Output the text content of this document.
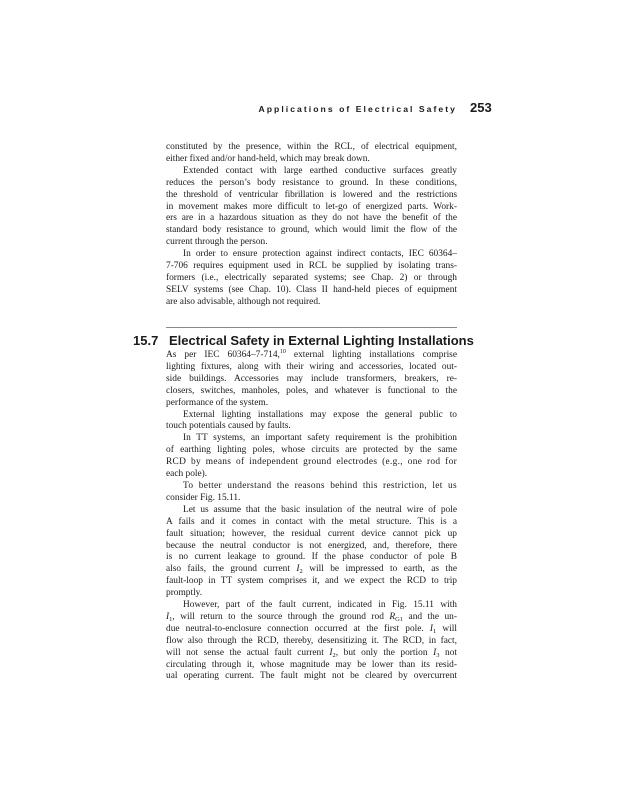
Applications of Electrical Safety 253

constituted by the presence, within the RCL, of electrical equipment,
either fixed and/or hand-held, which may break down.

Extended contact with large earthed conductive surfaces greatly
reduces the person’s body resistance to ground. In these conditions,
the threshold of ventricular fibrillation is lowered and the restrictions
in movement makes more difficult to let-go of energized parts. Work-
ers are in a hazardous situation as they do not have the benefit of the
standard body resistance to ground, which would limit the flow of the
current through the person.

In order to ensure protection against indirect contacts, IEC 60364–
7-706 requires equipment used in RCL be supplied by isolating trans-
formers (i.e., electrically separated systems; see Chap. 2) or through
SELV systems (see Chap. 10). Class II hand-held pieces of equipment
are also advisable, although not required.

15.7 Electrical Safety in External Lighting Installations

As per IEC 60364–7-714,10 external lighting installations comprise
lighting fixtures, along with their wiring and accessories, located out-
side buildings. Accessories may include transformers, breakers, re-
closers, switches, manholes, poles, and whatever is functional to the
performance of the system.

External lighting installations may expose the general public to
touch potentials caused by faults.

In TT systems, an important safety requirement is the prohibition
of earthing lighting poles, whose circuits are protected by the same
RCD by means of independent ground electrodes (e.g., one rod for
each pole).

To better understand the reasons behind this restriction, let us
consider Fig. 15.11.

Let us assume that the basic insulation of the neutral wire of pole
A fails and it comes in contact with the metal structure. This is a
fault situation; however, the residual current device cannot pick up
because the neutral conductor is not energized, and, therefore, there
is no current leakage to ground. If the phase conductor of pole B
also fails, the ground current $I_2$ will be impressed to earth, as the
fault-loop in TT system comprises it, and we expect the RCD to trip
promptly.

However, part of the fault current, indicated in Fig. 15.11 with
$I_1$, will return to the source through the ground rod $R_{G1}$ and the un-
due neutral-to-enclosure connection occurred at the first pole. $I_1$ will
flow also through the RCD, thereby, desensitizing it. The RCD, in fact,
will not sense the actual fault current $I_2$, but only the portion $I_3$ not
circulating through it, whose magnitude may be lower than its resid-
ual operating current. The fault might not be cleared by overcurrent
